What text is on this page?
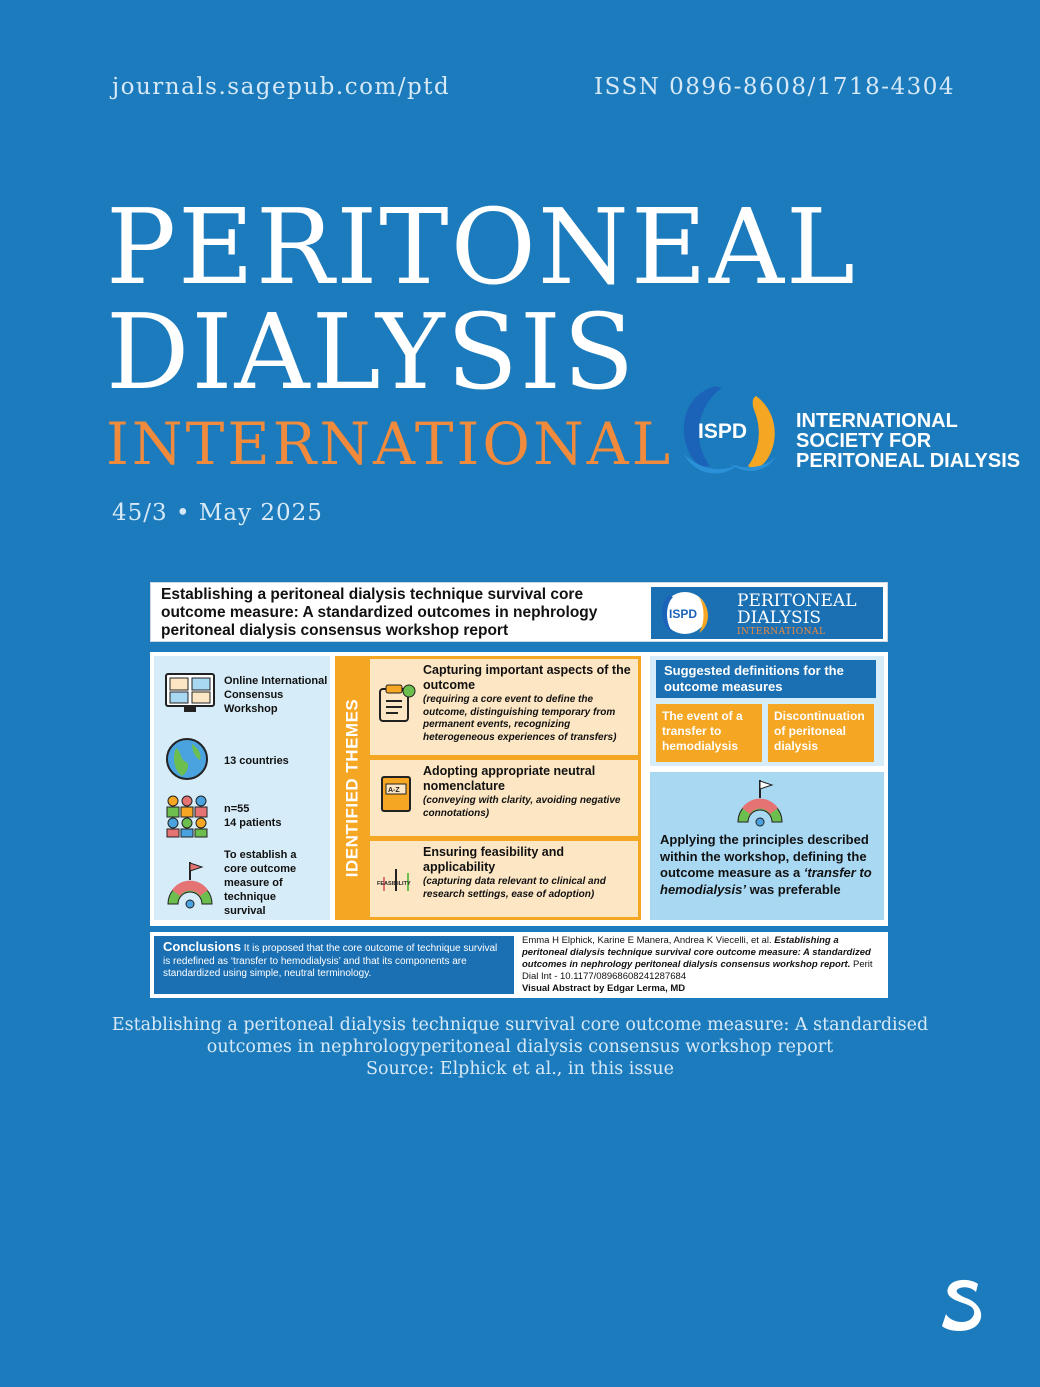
journals.sagepub.com/ptd	ISSN 0896-8608/1718-4304
PERITONEAL
DIALYSIS
INTERNATIONAL
45/3 • May 2025
ISPD INTERNATIONAL
SOCIETY FOR
PERITONEAL DIALYSIS
Establishing a peritoneal dialysis technique survival core outcome measure: A standardized outcomes in nephrology peritoneal dialysis consensus workshop report
ISPD
PERITONEAL
DIALYSIS
INTERNATIONAL
Online International Consensus Workshop
13 countries
n=55
14 patients
To establish a core outcome measure of technique survival
IDENTIFIED THEMES
Capturing important aspects of the outcome
(requiring a core event to define the outcome, distinguishing temporary from permanent events, recognizing heterogeneous experiences of transfers)
A-Z
Adopting appropriate neutral nomenclature
(conveying with clarity, avoiding negative connotations)
FEASIBILITY
Ensuring feasibility and applicability
(capturing data relevant to clinical and research settings, ease of adoption)
Suggested definitions for the outcome measures
The event of a transfer to hemodialysis
Discontinuation of peritoneal dialysis
Applying the principles described within the workshop, defining the outcome measure as a ‘transfer to hemodialysis’ was preferable
Conclusions It is proposed that the core outcome of technique survival is redefined as ‘transfer to hemodialysis’ and that its components are standardized using simple, neutral terminology.
Emma H Elphick, Karine E Manera, Andrea K Viecelli, et al. Establishing a peritoneal dialysis technique survival core outcome measure: A standardized outcomes in nephrology peritoneal dialysis consensus workshop report. Perit Dial Int - 10.1177/08968608241287684
Visual Abstract by Edgar Lerma, MD
Establishing a peritoneal dialysis technique survival core outcome measure: A standardised
outcomes in nephrologyperitoneal dialysis consensus workshop report
Source: Elphick et al., in this issue
